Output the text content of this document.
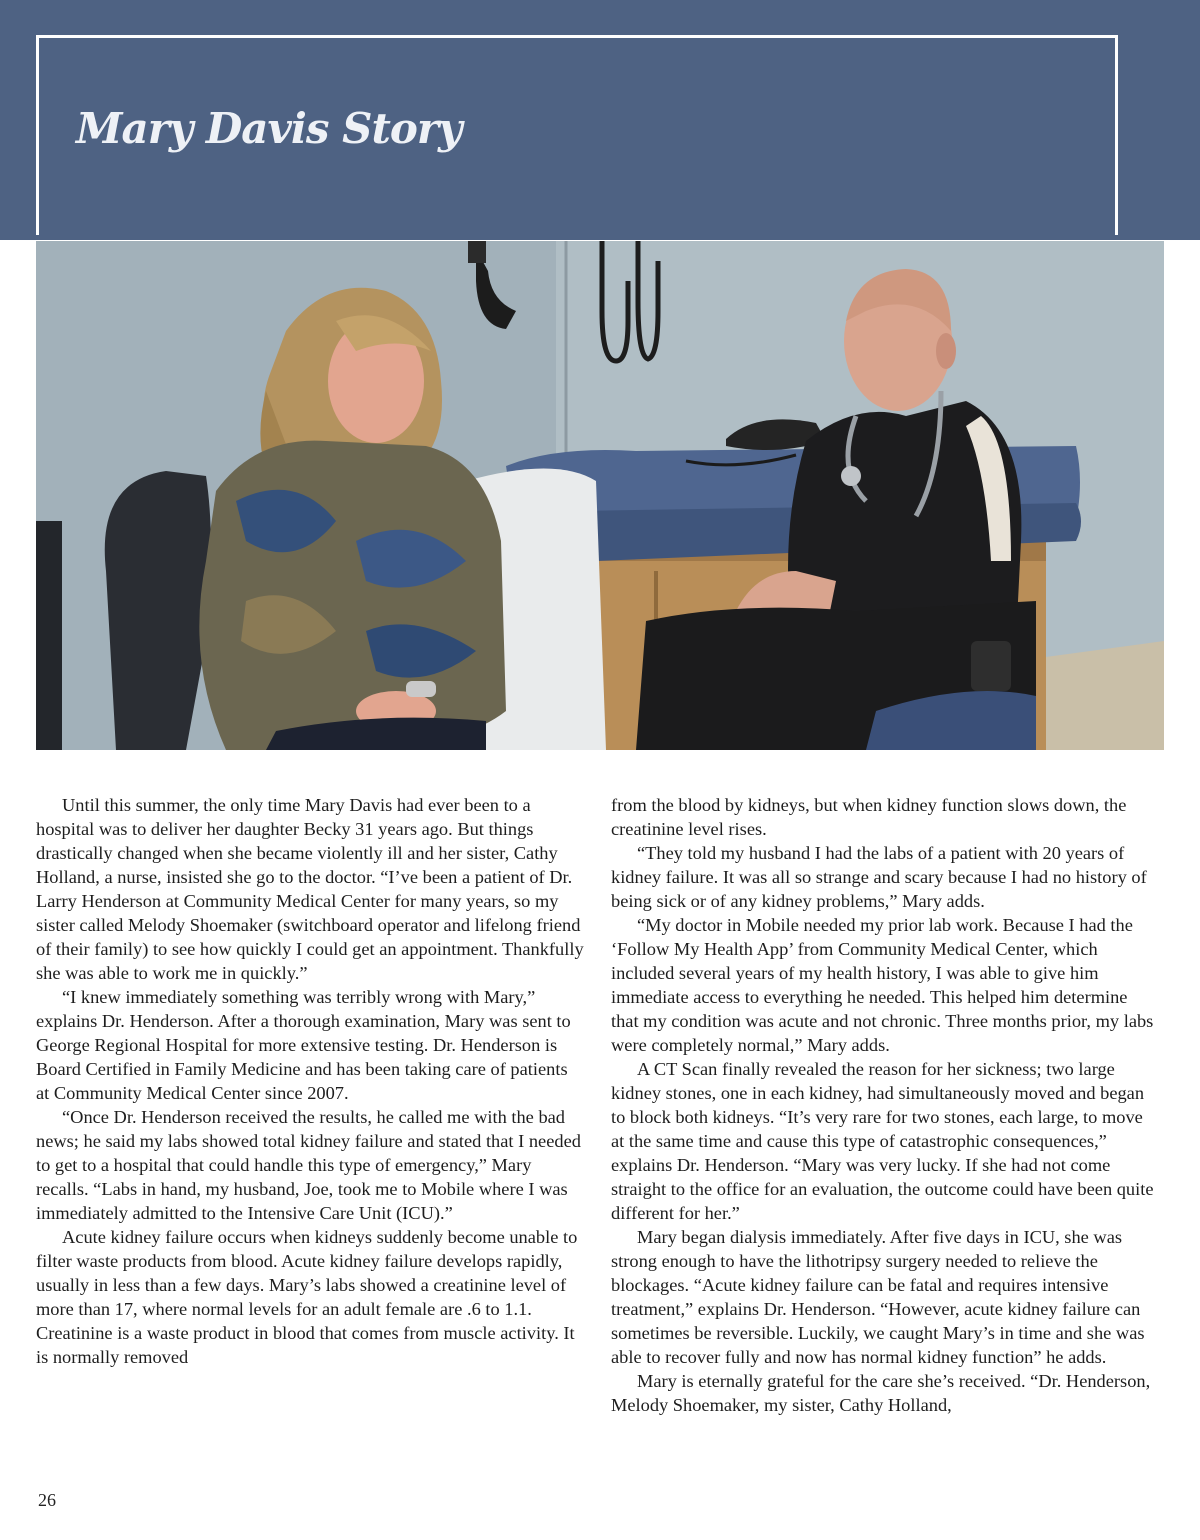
Mary Davis Story

Until this summer, the only time Mary Davis had ever been to a hospital was to deliver her daughter Becky 31 years ago. But things drastically changed when she became violently ill and her sister, Cathy Holland, a nurse, insisted she go to the doctor. “I’ve been a patient of Dr. Larry Henderson at Community Medical Center for many years, so my sister called Melody Shoemaker (switchboard operator and lifelong friend of their family) to see how quickly I could get an appointment. Thankfully she was able to work me in quickly.”

“I knew immediately something was terribly wrong with Mary,” explains Dr. Henderson. After a thorough examination, Mary was sent to George Regional Hospital for more extensive testing. Dr. Henderson is Board Certified in Family Medicine and has been taking care of patients at Community Medical Center since 2007.

“Once Dr. Henderson received the results, he called me with the bad news; he said my labs showed total kidney failure and stated that I needed to get to a hospital that could handle this type of emergency,” Mary recalls. “Labs in hand, my husband, Joe, took me to Mobile where I was immediately admitted to the Intensive Care Unit (ICU).”

Acute kidney failure occurs when kidneys suddenly become unable to filter waste products from blood. Acute kidney failure develops rapidly, usually in less than a few days. Mary’s labs showed a creatinine level of more than 17, where normal levels for an adult female are .6 to 1.1. Creatinine is a waste product in blood that comes from muscle activity. It is normally removed

from the blood by kidneys, but when kidney function slows down, the creatinine level rises.

“They told my husband I had the labs of a patient with 20 years of kidney failure. It was all so strange and scary because I had no history of being sick or of any kidney problems,” Mary adds.

“My doctor in Mobile needed my prior lab work. Because I had the ‘Follow My Health App’ from Community Medical Center, which included several years of my health history, I was able to give him immediate access to everything he needed. This helped him determine that my condition was acute and not chronic. Three months prior, my labs were completely normal,” Mary adds.

A CT Scan finally revealed the reason for her sickness; two large kidney stones, one in each kidney, had simultaneously moved and began to block both kidneys. “It’s very rare for two stones, each large, to move at the same time and cause this type of catastrophic consequences,” explains Dr. Henderson. “Mary was very lucky. If she had not come straight to the office for an evaluation, the outcome could have been quite different for her.”

Mary began dialysis immediately. After five days in ICU, she was strong enough to have the lithotripsy surgery needed to relieve the blockages. “Acute kidney failure can be fatal and requires intensive treatment,” explains Dr. Henderson. “However, acute kidney failure can sometimes be reversible. Luckily, we caught Mary’s in time and she was able to recover fully and now has normal kidney function” he adds.

Mary is eternally grateful for the care she’s received. “Dr. Henderson, Melody Shoemaker, my sister, Cathy Holland,

26
